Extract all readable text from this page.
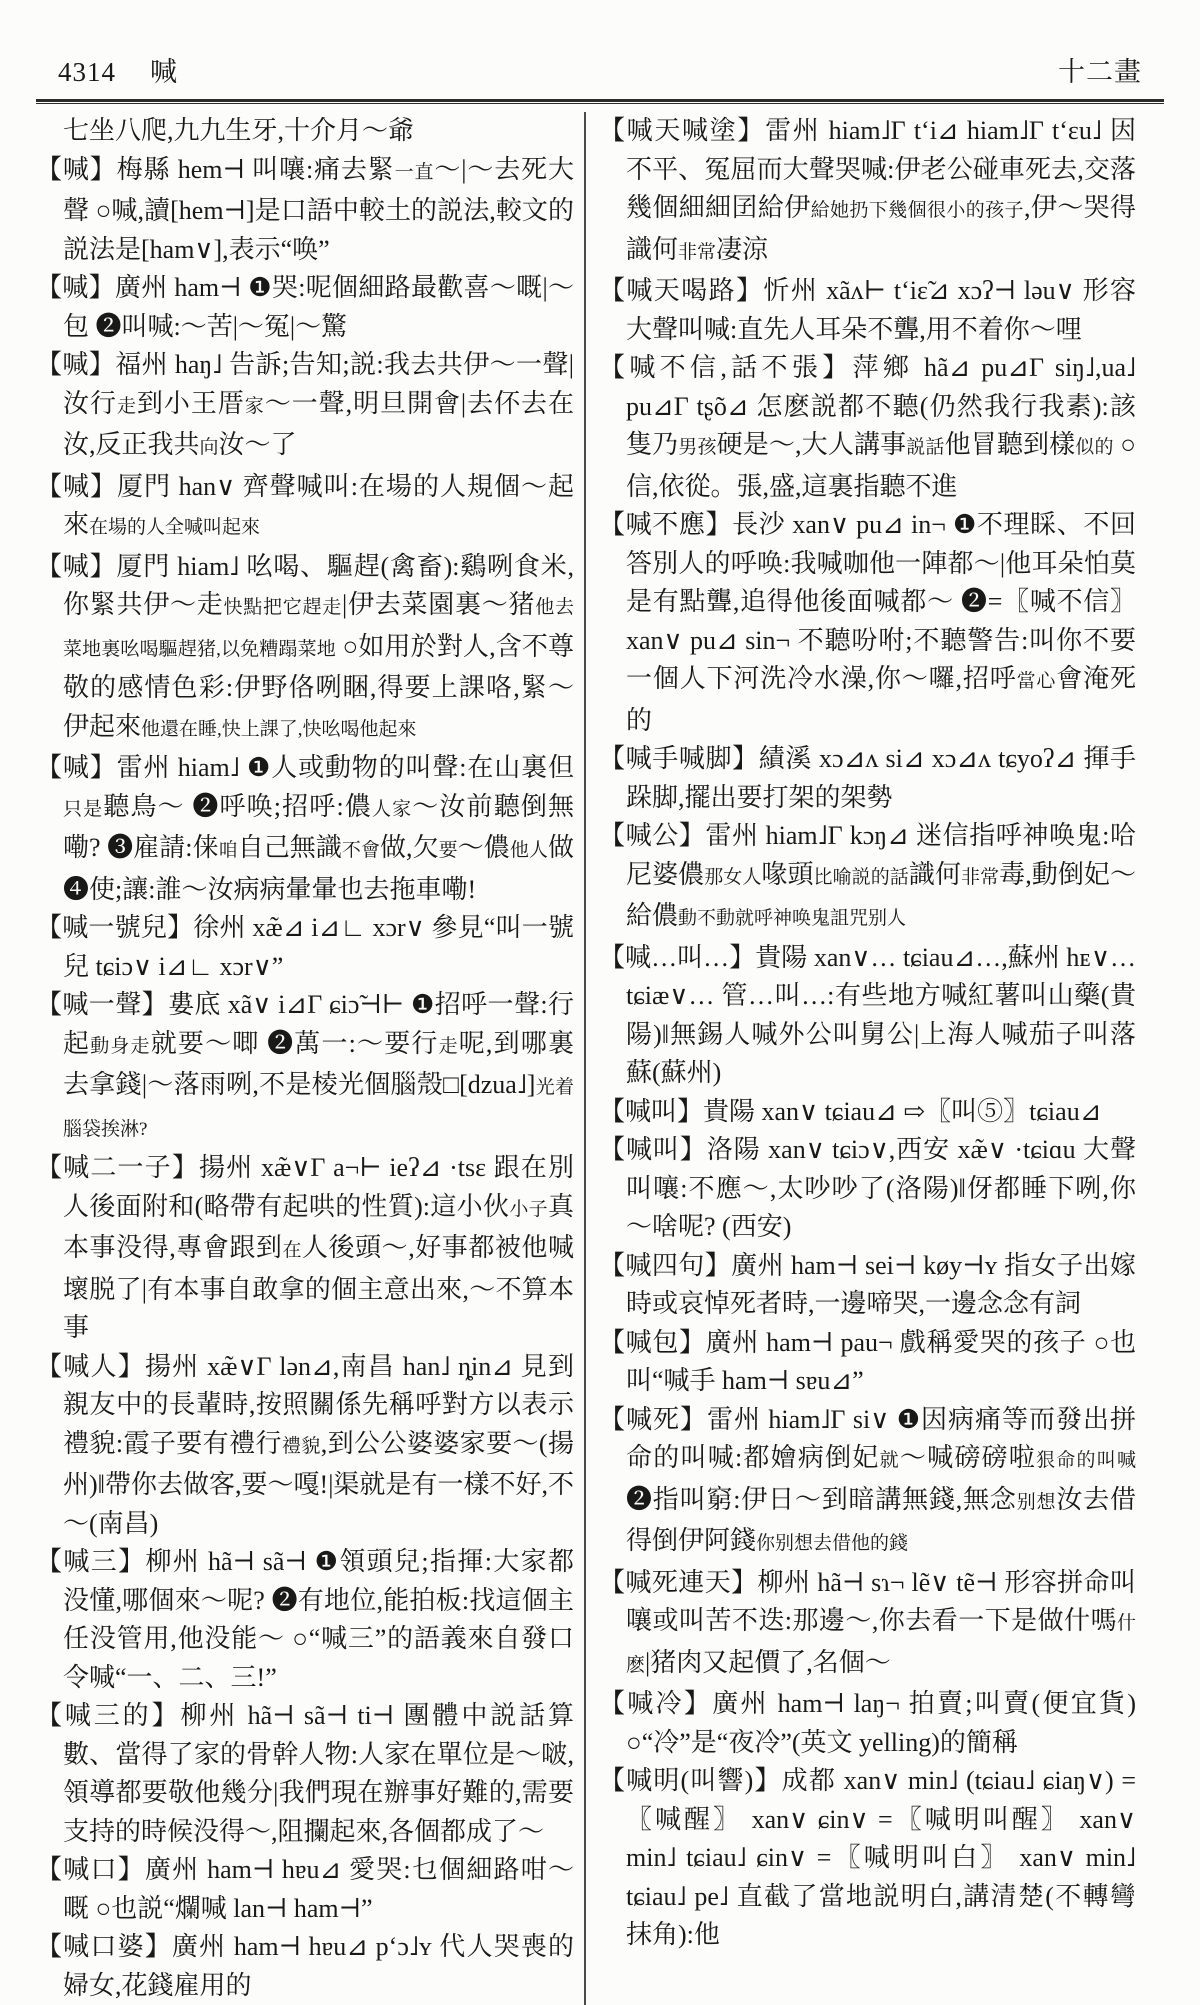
4314 喊	十二畫

七坐八爬,九九生牙,十介月～爺

【喊】梅縣 hem⊣ 叫嚷:痛去緊一直～|～去死大聲 ○喊,讀[hem⊣]是口語中較土的説法,較文的説法是[ham∨],表示“唤”

【喊】廣州 ham⊣ ❶哭:呢個細路最歡喜～嘅|～包 ❷叫喊:～苦|～冤|～驚

【喊】福州 haŋ˩ 告訴;告知;説:我去共伊～一聲|汝行走到小王厝家～一聲,明旦開會|去伓去在汝,反正我共向汝～了

【喊】厦門 han∨ 齊聲喊叫:在場的人規個～起來在場的人全喊叫起來

【喊】厦門 hiam˩ 吆喝、驅趕(禽畜):鷄咧食米,你緊共伊～走快點把它趕走|伊去菜園裏～猪他去菜地裏吆喝驅趕猪,以免糟蹋菜地 ○如用於對人,含不尊敬的感情色彩:伊野佫咧睏,得要上課咯,緊～伊起來他還在睡,快上課了,快吆喝他起來

【喊】雷州 hiam˩ ❶人或動物的叫聲:在山裏但只是聽鳥～ ❷呼唤;招呼:儂人家～汝前聽倒無嘞? ❸雇請:俫咱自己無識不會做,欠要～儂他人做 ❹使;讓:誰～汝病病暈暈也去拖車嘞!

【喊一號兒】徐州 xæ̃⊿ i⊿∟ xɔr∨ 參見“叫一號兒 tɕiɔ∨ i⊿∟ xɔr∨”

【喊一聲】婁底 xã∨ i⊿Γ ɕiɔ̃⊣⊢ ❶招呼一聲:行起動身走就要～唧 ❷萬一:～要行走呢,到哪裏去拿錢|～落雨咧,不是棱光個腦殼□[dzua˩]光着腦袋挨淋?

【喊二一子】揚州 xæ̃∨Γ a¬⊢ ieʔ⊿ ·tsɛ 跟在別人後面附和(略帶有起哄的性質):這小伙小子真本事没得,專會跟到在人後頭～,好事都被他喊壞脱了|有本事自敢拿的個主意出來,～不算本事

【喊人】揚州 xæ̃∨Γ lən⊿,南昌 han˩ ȵin⊿ 見到親友中的長輩時,按照關係先稱呼對方以表示禮貌:霞子要有禮行禮貌,到公公婆婆家要～(揚州)‖帶你去做客,要～嘎!|渠就是有一樣不好,不～(南昌)

【喊三】柳州 hã⊣ sã⊣ ❶領頭兒;指揮:大家都没懂,哪個來～呢? ❷有地位,能拍板:找這個主任没管用,他没能～ ○“喊三”的語義來自發口令喊“一、二、三!”

【喊三的】柳州 hã⊣ sã⊣ ti⊣ 團體中説話算數、當得了家的骨幹人物:人家在單位是～啵,領導都要敬他幾分|我們現在辦事好難的,需要支持的時候没得～,阻攔起來,各個都成了～

【喊口】廣州 ham⊣ hɐu⊿ 愛哭:乜個細路咁～嘅 ○也説“爛喊 lan⊣ ham⊣”

【喊口婆】廣州 ham⊣ hɐu⊿ pʻɔ˩ʏ 代人哭喪的婦女,花錢雇用的

【喊天喊塗】雷州 hiam˩Γ tʻi⊿ hiam˩Γ tʻɛu˩ 因不平、冤屈而大聲哭喊:伊老公碰車死去,交落幾個細細囝給伊給她扔下幾個很小的孩子,伊～哭得識何非常凄涼

【喊天喝路】忻州 xãʌ⊢ tʻiɛ̃⊿ xɔʔ⊣ ləu∨ 形容大聲叫喊:直先人耳朵不聾,用不着你～哩

【喊不信,話不張】萍鄉 hã⊿ pu⊿Γ siŋ˩,ua˩ pu⊿Γ tʂõ⊿ 怎麽説都不聽(仍然我行我素):該隻乃男孩硬是～,大人講事説話他冒聽到樣似的 ○信,依從。張,盛,這裏指聽不進

【喊不應】長沙 xan∨ pu⊿ in¬ ❶不理睬、不回答別人的呼唤:我喊咖他一陣都～|他耳朵怕莫是有點聾,追得他後面喊都～ ❷=〖喊不信〗 xan∨ pu⊿ sin¬ 不聽吩咐;不聽警告:叫你不要一個人下河洗冷水澡,你～囉,招呼當心會淹死的

【喊手喊脚】績溪 xɔ⊿ʌ si⊿ xɔ⊿ʌ tɕyoʔ⊿ 揮手跺脚,擺出要打架的架勢

【喊公】雷州 hiam˩Γ kɔŋ⊿ 迷信指呼神唤鬼:哈尼婆儂那女人喙頭比喻説的話識何非常毒,動倒妃～給儂動不動就呼神唤鬼詛咒别人

【喊…叫…】貴陽 xan∨… tɕiau⊿…,蘇州 hᴇ∨… tɕiæ∨… 管…叫…:有些地方喊紅薯叫山藥(貴陽)‖無錫人喊外公叫舅公|上海人喊茄子叫落蘇(蘇州)

【喊叫】貴陽 xan∨ tɕiau⊿ ⇨〖叫⑤〗tɕiau⊿

【喊叫】洛陽 xan∨ tɕiɔ∨,西安 xæ̃∨ ·tɕiɑu 大聲叫嚷:不應～,太吵吵了(洛陽)‖伢都睡下咧,你～啥呢? (西安)

【喊四句】廣州 ham⊣ sei⊣ køy⊣ʏ 指女子出嫁時或哀悼死者時,一邊啼哭,一邊念念有詞

【喊包】廣州 ham⊣ pau¬ 戲稱愛哭的孩子 ○也叫“喊手 ham⊣ sɐu⊿”

【喊死】雷州 hiam˩Γ si∨ ❶因病痛等而發出拼命的叫喊:都嬒病倒妃就～喊磅磅啦狠命的叫喊 ❷指叫窮:伊日～到暗講無錢,無念别想汝去借得倒伊阿錢你别想去借他的錢

【喊死連天】柳州 hã⊣ sɿ¬ lẽ∨ tẽ⊣ 形容拼命叫嚷或叫苦不迭:那邊～,你去看一下是做什嗎什麽|猪肉又起價了,名個～

【喊冷】廣州 ham⊣ laŋ¬ 拍賣;叫賣(便宜貨) ○“冷”是“夜冷”(英文 yelling)的簡稱

【喊明(叫響)】成都 xan∨ min˩ (tɕiau˩ ɕiaŋ∨) =〖喊醒〗 xan∨ ɕin∨ =〖喊明叫醒〗 xan∨ min˩ tɕiau˩ ɕin∨ =〖喊明叫白〗 xan∨ min˩ tɕiau˩ pe˩ 直截了當地説明白,講清楚(不轉彎抹角):他
